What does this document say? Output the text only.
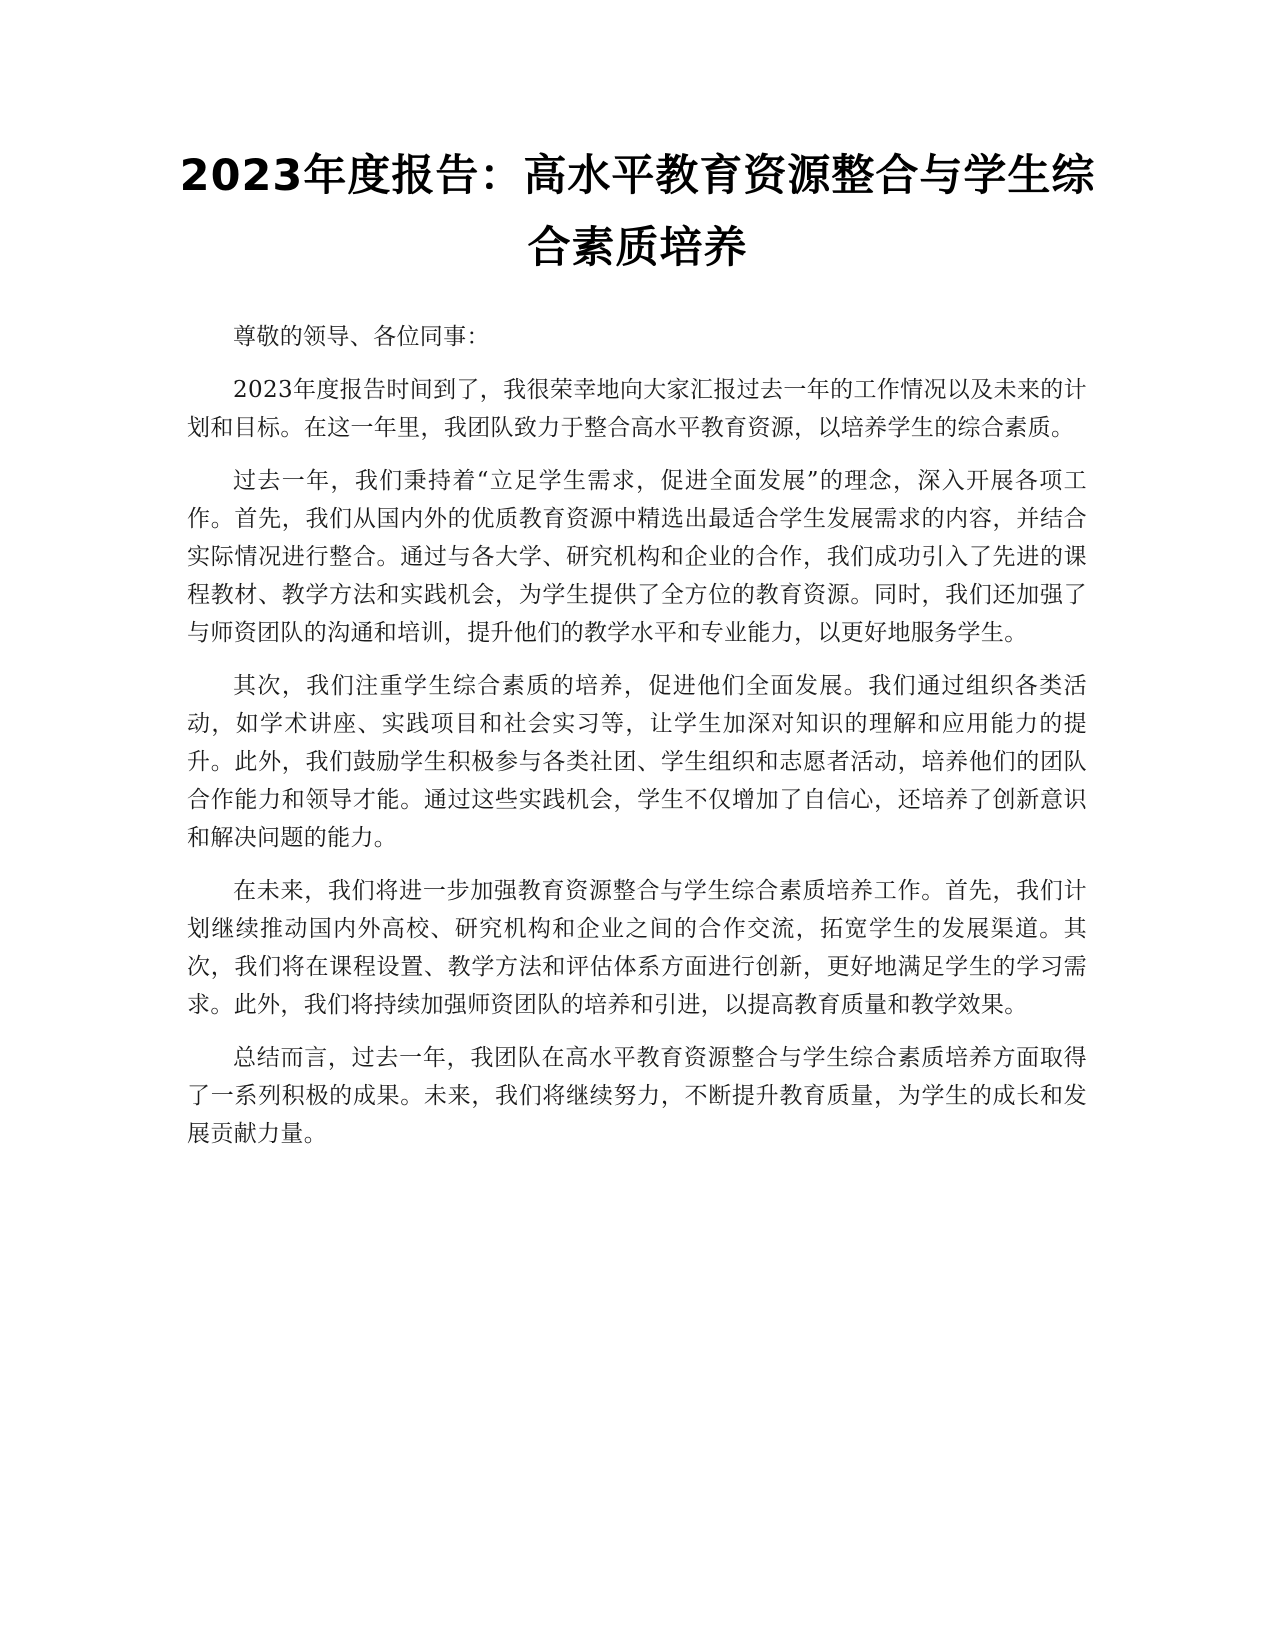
2023年度报告：高水平教育资源整合与学生综合素质培养

尊敬的领导、各位同事：

2023年度报告时间到了，我很荣幸地向大家汇报过去一年的工作情况以及未来的计划和目标。在这一年里，我团队致力于整合高水平教育资源，以培养学生的综合素质。

过去一年，我们秉持着“立足学生需求，促进全面发展”的理念，深入开展各项工作。首先，我们从国内外的优质教育资源中精选出最适合学生发展需求的内容，并结合实际情况进行整合。通过与各大学、研究机构和企业的合作，我们成功引入了先进的课程教材、教学方法和实践机会，为学生提供了全方位的教育资源。同时，我们还加强了与师资团队的沟通和培训，提升他们的教学水平和专业能力，以更好地服务学生。

其次，我们注重学生综合素质的培养，促进他们全面发展。我们通过组织各类活动，如学术讲座、实践项目和社会实习等，让学生加深对知识的理解和应用能力的提升。此外，我们鼓励学生积极参与各类社团、学生组织和志愿者活动，培养他们的团队合作能力和领导才能。通过这些实践机会，学生不仅增加了自信心，还培养了创新意识和解决问题的能力。

在未来，我们将进一步加强教育资源整合与学生综合素质培养工作。首先，我们计划继续推动国内外高校、研究机构和企业之间的合作交流，拓宽学生的发展渠道。其次，我们将在课程设置、教学方法和评估体系方面进行创新，更好地满足学生的学习需求。此外，我们将持续加强师资团队的培养和引进，以提高教育质量和教学效果。

总结而言，过去一年，我团队在高水平教育资源整合与学生综合素质培养方面取得了一系列积极的成果。未来，我们将继续努力，不断提升教育质量，为学生的成长和发展贡献力量。
